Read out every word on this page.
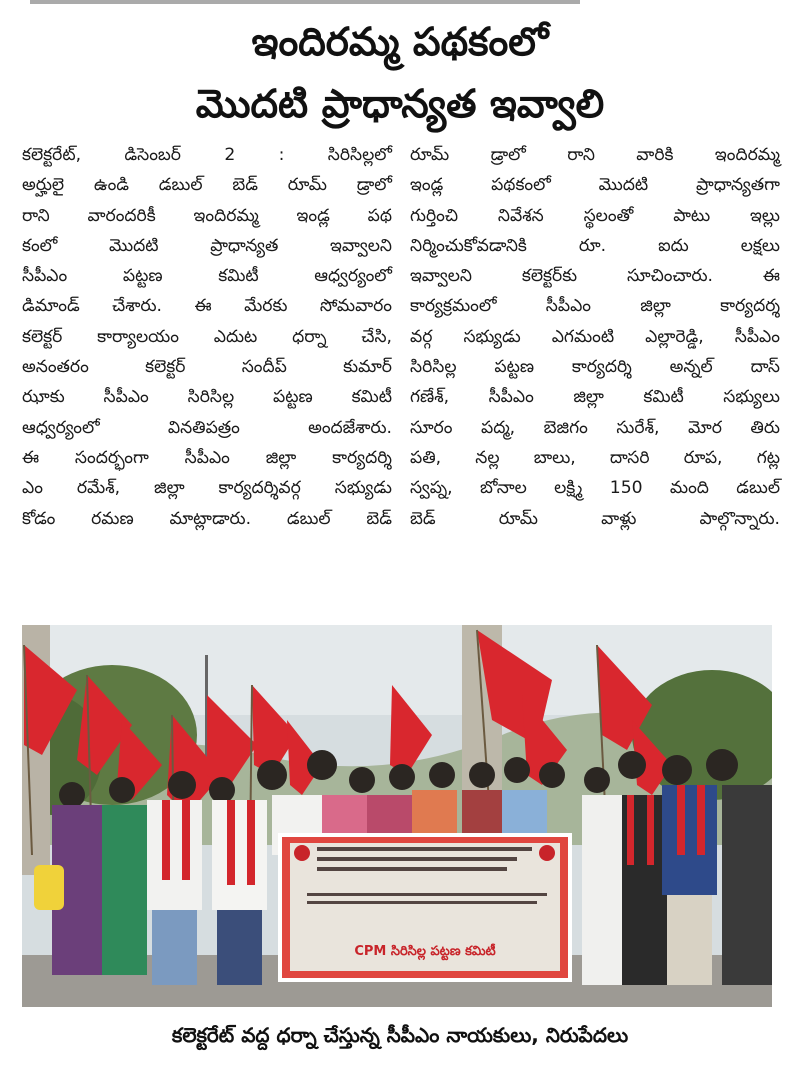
ఇందిరమ్మ పథకంలో
మొదటి ప్రాధాన్యత ఇవ్వాలి

కలెక్టరేట్, డిసెంబర్ 2 : సిరిసిల్లలో
అర్హులై ఉండి డబుల్ బెడ్ రూమ్ డ్రాలో
రాని వారందరికీ ఇందిరమ్మ ఇండ్ల పథ
కంలో మొదటి ప్రాధాన్యత ఇవ్వాలని
సీపీఎం పట్టణ కమిటీ ఆధ్వర్యంలో
డిమాండ్ చేశారు. ఈ మేరకు సోమవారం
కలెక్టర్ కార్యాలయం ఎదుట ధర్నా చేసి,
అనంతరం కలెక్టర్ సందీప్ కుమార్
ఝాకు సీపీఎం సిరిసిల్ల పట్టణ కమిటీ
ఆధ్వర్యంలో వినతిపత్రం అందజేశారు.
ఈ సందర్భంగా సీపీఎం జిల్లా కార్యదర్శి
ఎం రమేశ్, జిల్లా కార్యదర్శివర్గ సభ్యుడు
కోడం రమణ మాట్లాడారు. డబుల్ బెడ్

రూమ్ డ్రాలో రాని వారికి ఇందిరమ్మ
ఇండ్ల పథకంలో మొదటి ప్రాధాన్యతగా
గుర్తించి నివేశన స్థలంతో పాటు ఇల్లు
నిర్మించుకోవడానికి రూ. ఐదు లక్షలు
ఇవ్వాలని కలెక్టర్‌కు సూచించారు. ఈ
కార్యక్రమంలో సీపీఎం జిల్లా కార్యదర్శ
వర్గ సభ్యుడు ఎగమంటి ఎల్లారెడ్డి, సీపీఎం
సిరిసిల్ల పట్టణ కార్యదర్శి అన్నల్ దాస్
గణేశ్, సీపీఎం జిల్లా కమిటీ సభ్యులు
సూరం పద్మ, బెజిగం సురేశ్, మోర తిరు
పతి, నల్ల బాలు, దాసరి రూప, గట్ల
స్వప్న, బోనాల లక్ష్మి 150 మంది డబుల్
బెడ్ రూమ్ వాళ్లు పాల్గొన్నారు.

CPM సిరిసిల్ల పట్టణ కమిటీ
కలెక్టరేట్ వద్ద ధర్నా చేస్తున్న సీపీఎం నాయకులు, నిరుపేదలు
